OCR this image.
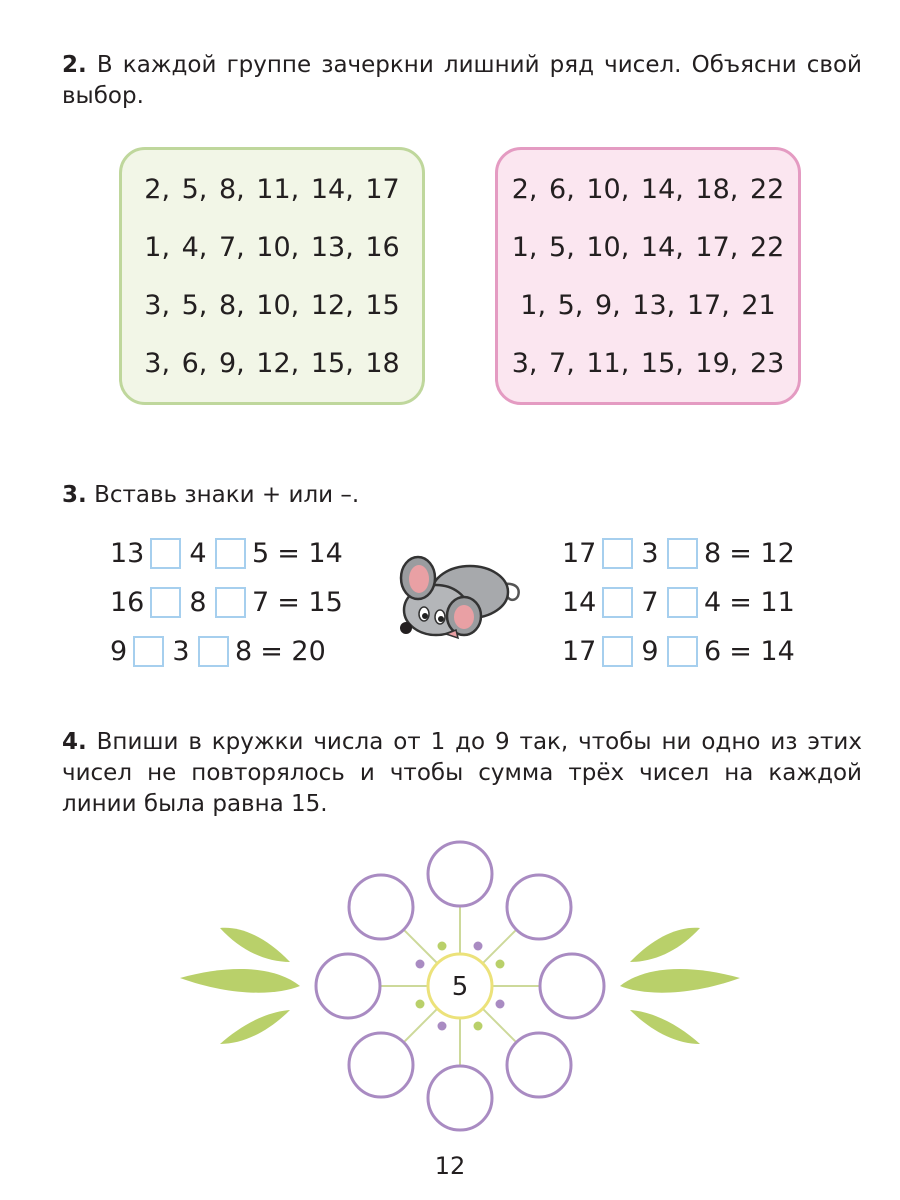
2. В каждой группе зачеркни лишний ряд чисел. Объясни свой выбор.
2, 5, 8, 11, 14, 17
1, 4, 7, 10, 13, 16
3, 5, 8, 10, 12, 15
3, 6, 9, 12, 15, 18
2, 6, 10, 14, 18, 22
1, 5, 10, 14, 17, 22
1, 5, 9, 13, 17, 21
3, 7, 11, 15, 19, 23
3. Вставь знаки + или –.
13 4 5 = 14
16 8 7 = 15
9 3 8 = 20
17 3 8 = 12
14 7 4 = 11
17 9 6 = 14
4. Впиши в кружки числа от 1 до 9 так, чтобы ни одно из этих чисел не повторялось и чтобы сумма трёх чисел на каждой линии была равна 15.
5
12
